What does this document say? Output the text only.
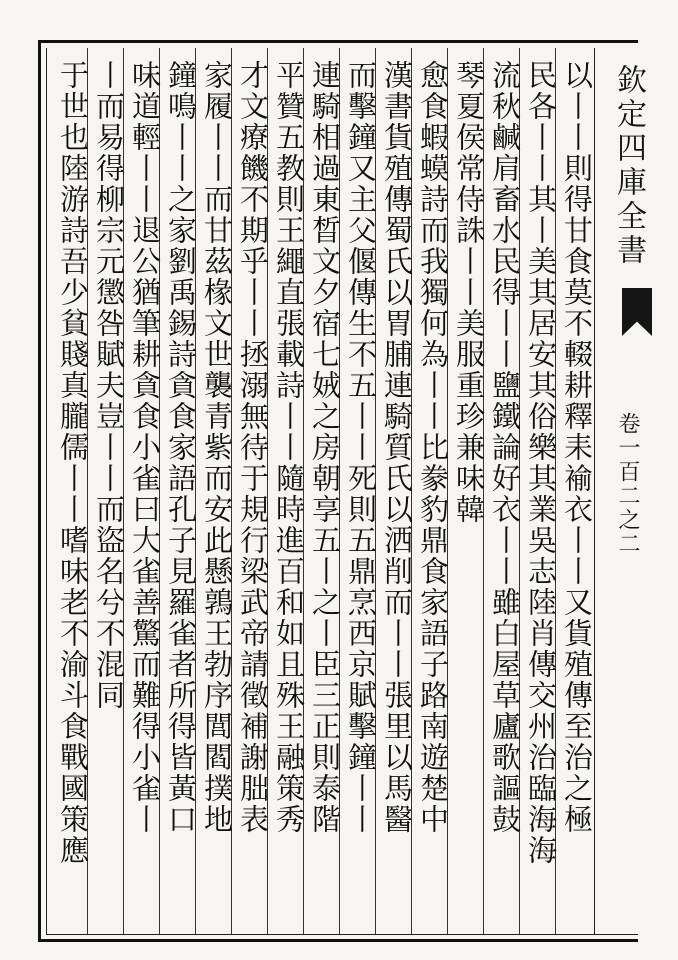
欽定四庫全書
卷一百二之二
以丨丨則得甘食莫不輟耕釋耒褕衣丨丨又貨殖傳至治之極
民各丨丨其丨美其居安其俗樂其業吳志陸肖傳交州治臨海海
流秋鹹肩畜水民得丨丨鹽鐵論好衣丨丨雖白屋草廬歌謳鼓
琴夏侯常侍誅丨丨美服重珍兼味韓
愈食蝦蟆詩而我獨何為丨丨比豢豹鼎食家語子路南遊楚中
漢書貨殖傳蜀氏以胃脯連騎質氏以洒削而丨丨張里以馬醫
而擊鐘又主父偃傳生不五丨丨死則五鼎烹西京賦擊鐘丨丨
連騎相過東晳文夕宿七娀之房朝享五丨之丨臣三正則泰階
平贊五教則王繩直張載詩丨丨隨時進百和如且殊王融策秀
才文療饑不期乎丨丨拯溺無待于規行梁武帝請徵補謝朏表
家履丨丨而甘茲椽文世襲青紫而安此懸鶉王勃序閭閻撲地
鐘鳴丨丨之家劉禹錫詩貪食家語孔子見羅雀者所得皆黃口
味道輕丨丨退公猶筆耕貪食小雀曰大雀善驚而難得小雀丨
丨而易得柳宗元懲咎賦夫豈丨丨而盜名兮不混同
于世也陸游詩吾少貧賤真朧儒丨丨嗜味老不渝斗食戰國策應
